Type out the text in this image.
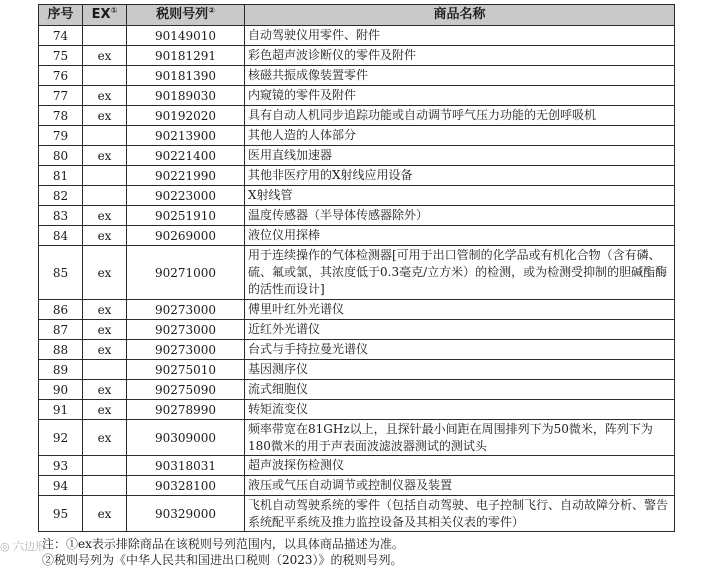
序号	EX①	税则号列②	商品名称
74		90149010	自动驾驶仪用零件、附件
75	ex	90181291	彩色超声波诊断仪的零件及附件
76		90181390	核磁共振成像装置零件
77	ex	90189030	内窥镜的零件及附件
78	ex	90192020	具有自动人机同步追踪功能或自动调节呼气压力功能的无创呼吸机
79		90213900	其他人造的人体部分
80	ex	90221400	医用直线加速器
81		90221990	其他非医疗用的X射线应用设备
82		90223000	X射线管
83	ex	90251910	温度传感器（半导体传感器除外）
84	ex	90269000	液位仪用探棒
85	ex	90271000	用于连续操作的气体检测器[可用于出口管制的化学品或有机化合物（含有磷、硫、氟或氯，其浓度低于0.3毫克/立方米）的检测，或为检测受抑制的胆碱酯酶的活性而设计]
86	ex	90273000	傅里叶红外光谱仪
87	ex	90273000	近红外光谱仪
88	ex	90273000	台式与手持拉曼光谱仪
89		90275010	基因测序仪
90	ex	90275090	流式细胞仪
91	ex	90278990	转矩流变仪
92	ex	90309000	频率带宽在81GHz以上，且探针最小间距在周围排列下为50微米，阵列下为180微米的用于声表面波滤波器测试的测试头
93		90318031	超声波探伤检测仪
94		90328100	液压或气压自动调节或控制仪器及装置
95	ex	90329000	飞机自动驾驶系统的零件（包括自动驾驶、电子控制飞行、自动故障分析、警告系统配平系统及推力监控设备及其相关仪表的零件）
注：①ex表示排除商品在该税则号列范围内，以具体商品描述为准。
②税则号列为《中华人民共和国进出口税则（2023）》的税则号列。
◎ 六边形
